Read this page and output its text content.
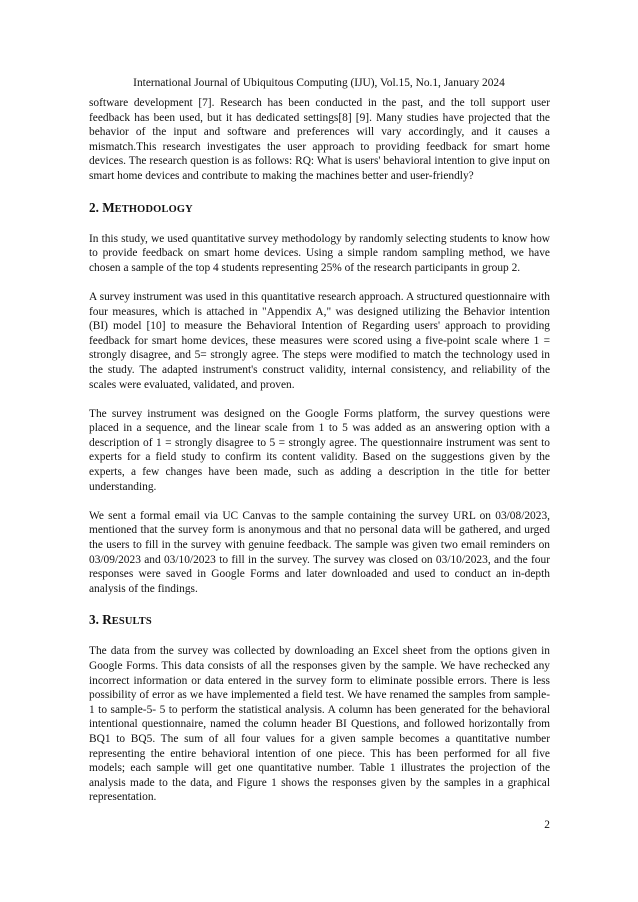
International Journal of Ubiquitous Computing (IJU), Vol.15, No.1, January 2024

software development [7]. Research has been conducted in the past, and the toll support user feedback has been used, but it has dedicated settings[8] [9]. Many studies have projected that the behavior of the input and software and preferences will vary accordingly, and it causes a mismatch.This research investigates the user approach to providing feedback for smart home devices. The research question is as follows: RQ: What is users' behavioral intention to give input on smart home devices and contribute to making the machines better and user-friendly?

2. METHODOLOGY

In this study, we used quantitative survey methodology by randomly selecting students to know how to provide feedback on smart home devices. Using a simple random sampling method, we have chosen a sample of the top 4 students representing 25% of the research participants in group 2.

A survey instrument was used in this quantitative research approach. A structured questionnaire with four measures, which is attached in "Appendix A," was designed utilizing the Behavior intention (BI) model [10] to measure the Behavioral Intention of Regarding users' approach to providing feedback for smart home devices, these measures were scored using a five-point scale where 1 = strongly disagree, and 5= strongly agree. The steps were modified to match the technology used in the study. The adapted instrument's construct validity, internal consistency, and reliability of the scales were evaluated, validated, and proven.

The survey instrument was designed on the Google Forms platform, the survey questions were placed in a sequence, and the linear scale from 1 to 5 was added as an answering option with a description of 1 = strongly disagree to 5 = strongly agree. The questionnaire instrument was sent to experts for a field study to confirm its content validity. Based on the suggestions given by the experts, a few changes have been made, such as adding a description in the title for better understanding.

We sent a formal email via UC Canvas to the sample containing the survey URL on 03/08/2023, mentioned that the survey form is anonymous and that no personal data will be gathered, and urged the users to fill in the survey with genuine feedback. The sample was given two email reminders on 03/09/2023 and 03/10/2023 to fill in the survey. The survey was closed on 03/10/2023, and the four responses were saved in Google Forms and later downloaded and used to conduct an in-depth analysis of the findings.

3. RESULTS

The data from the survey was collected by downloading an Excel sheet from the options given in Google Forms. This data consists of all the responses given by the sample. We have rechecked any incorrect information or data entered in the survey form to eliminate possible errors. There is less possibility of error as we have implemented a field test. We have renamed the samples from sample-1 to sample-5- 5 to perform the statistical analysis. A column has been generated for the behavioral intentional questionnaire, named the column header BI Questions, and followed horizontally from BQ1 to BQ5. The sum of all four values for a given sample becomes a quantitative number representing the entire behavioral intention of one piece. This has been performed for all five models; each sample will get one quantitative number. Table 1 illustrates the projection of the analysis made to the data, and Figure 1 shows the responses given by the samples in a graphical representation.

2
